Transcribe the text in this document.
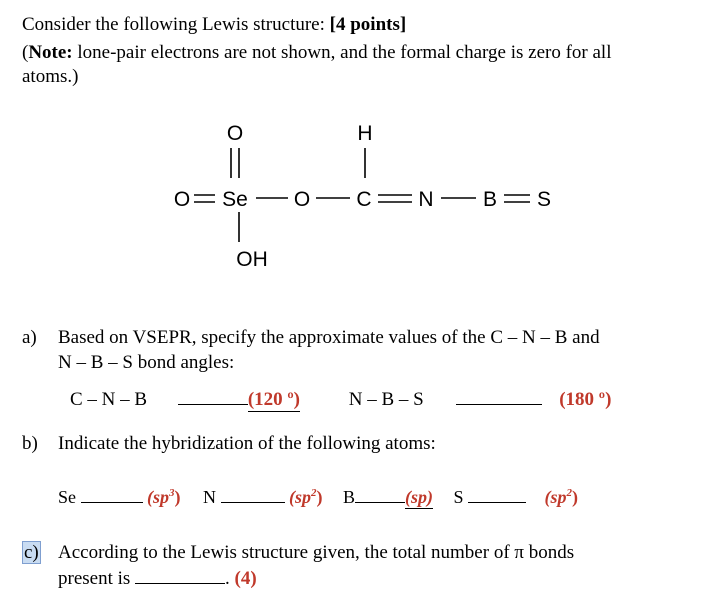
Consider the following Lewis structure: [4 points]
(Note: lone-pair electrons are not shown, and the formal charge is zero for all
atoms.)
O
O Se O
OH
H
C N B S
a) Based on VSEPR, specify the approximate values of the C – N – B and
N – B – S bond angles:
C – N – B	(120 º)	N – B – S	(180 º)
b) Indicate the hybridization of the following atoms:
Se	$(sp^3)$ N	$(sp^2)$ B	(sp) S	$(sp^2)$
c) According to the Lewis structure given, the total number of π bonds
present is	. (4)
